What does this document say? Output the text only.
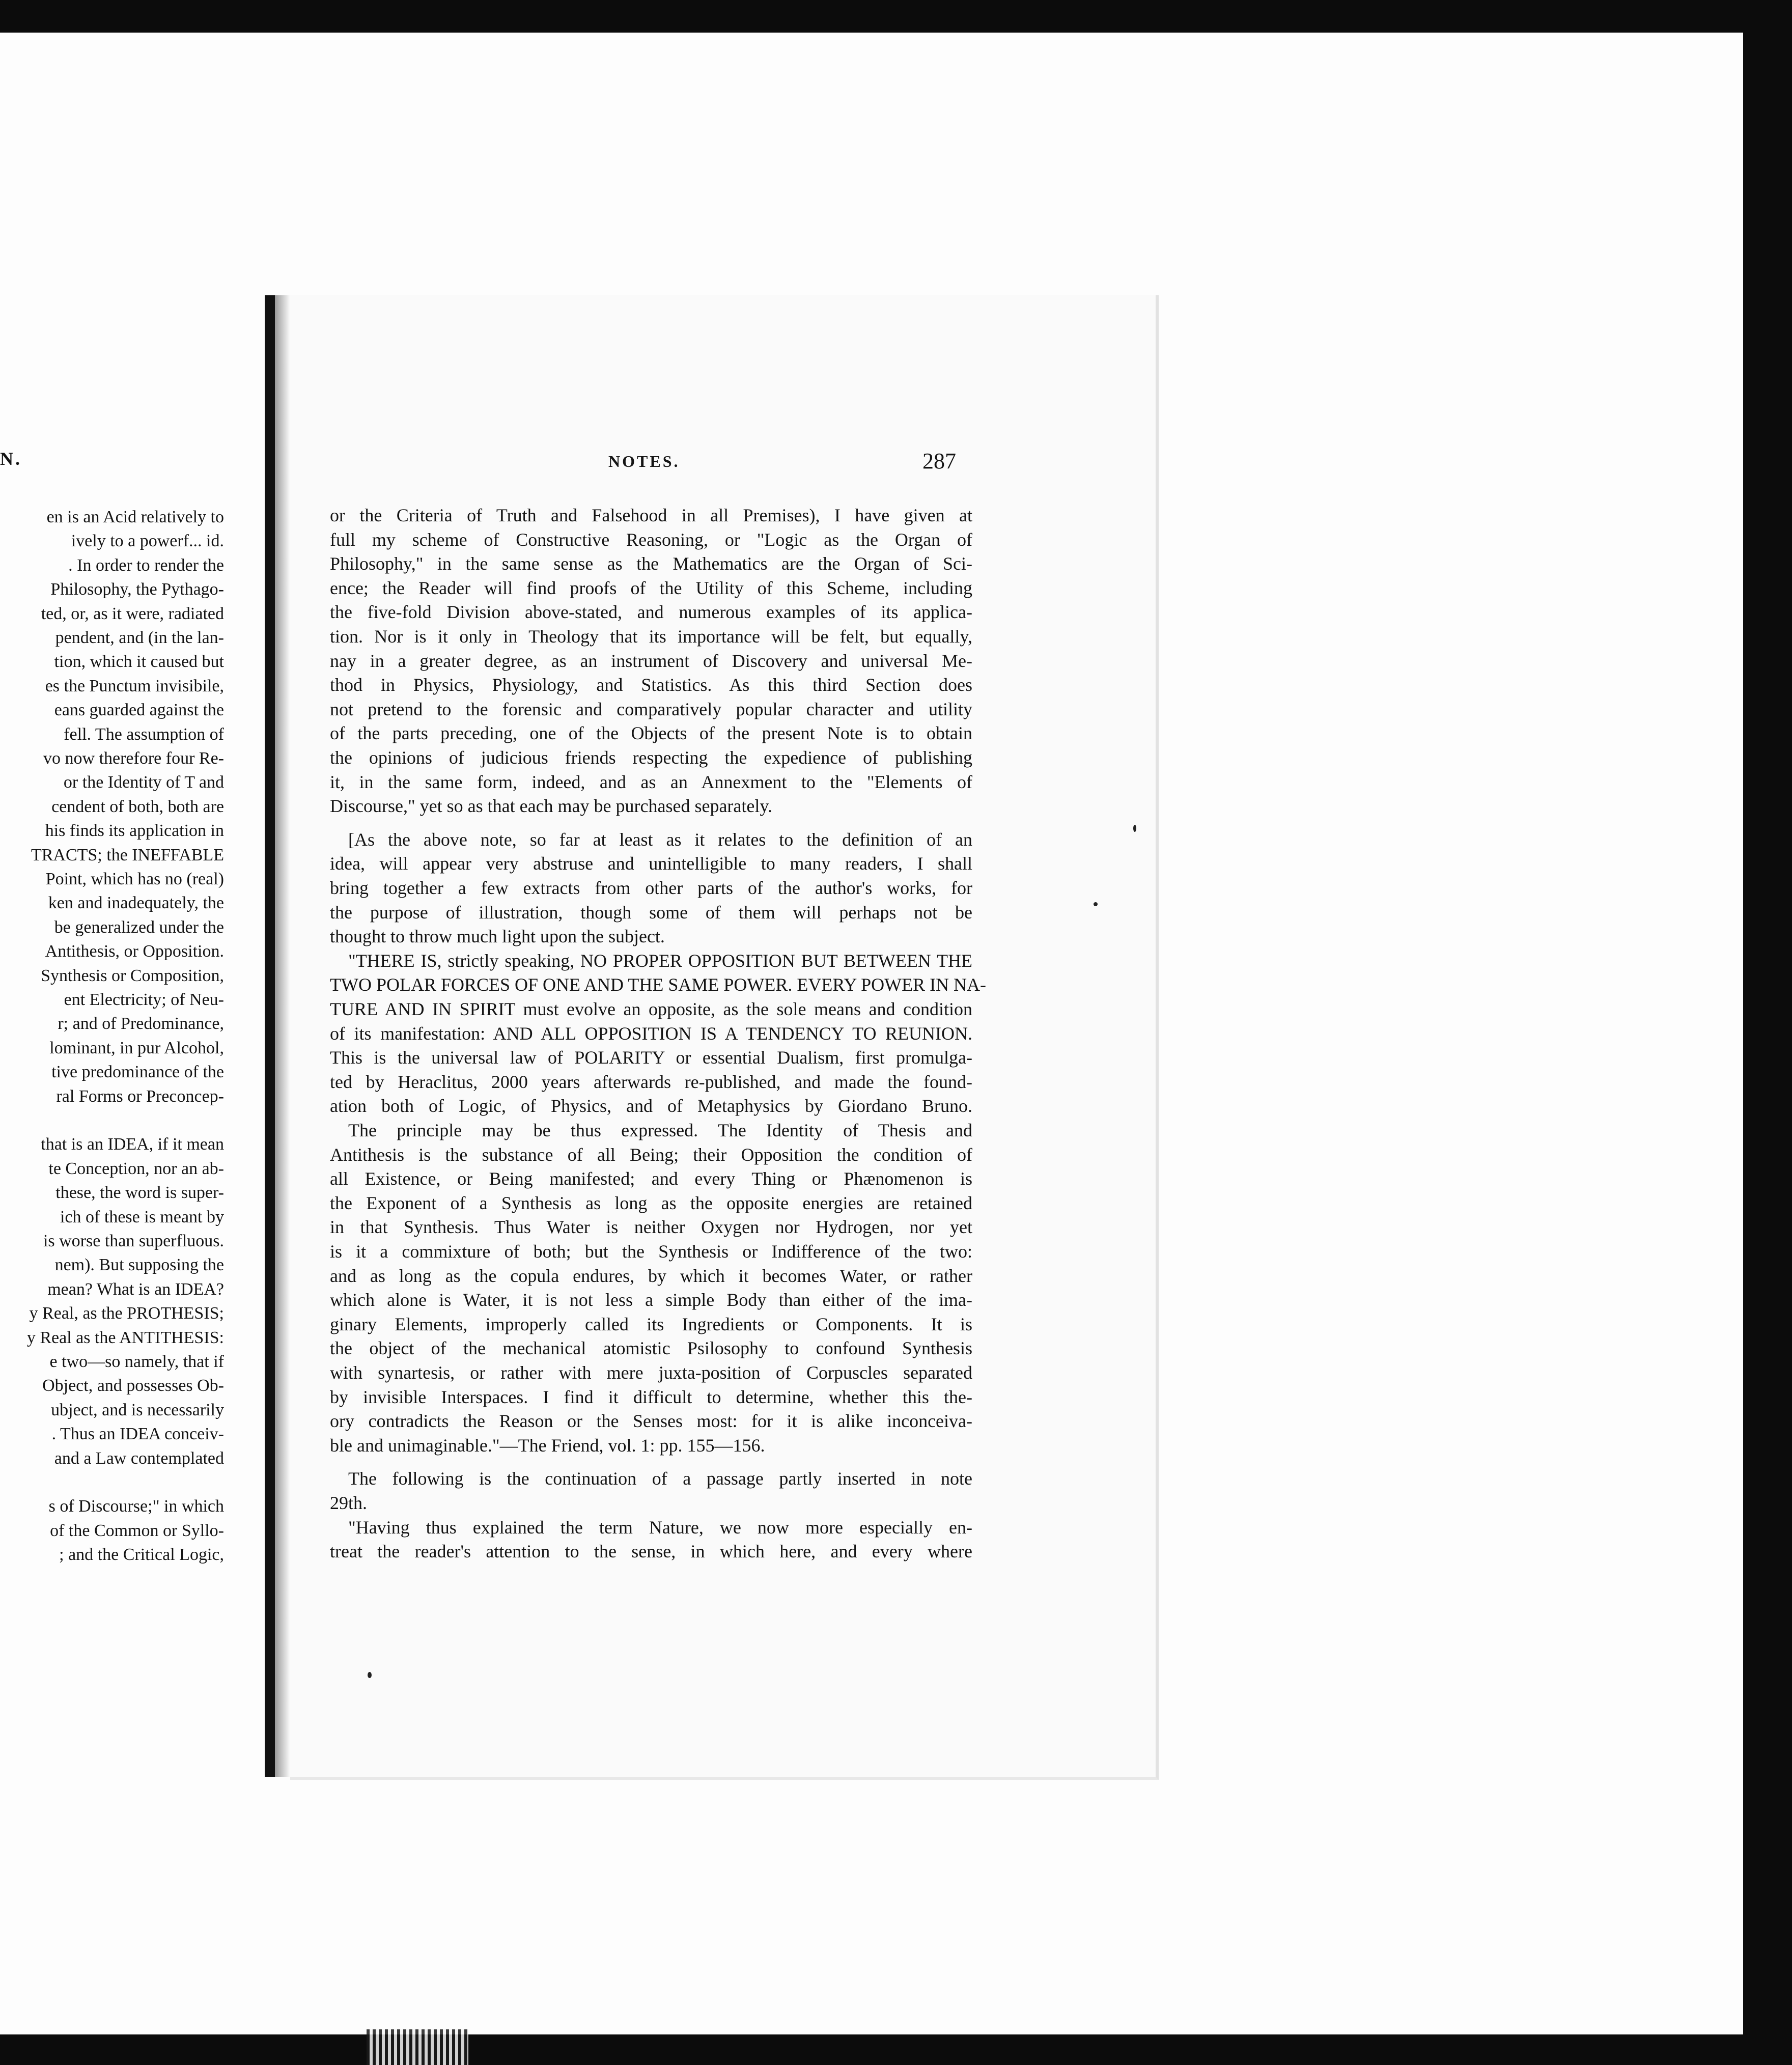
N.
en is an Acid relatively to
ively to a powerf... id.
. In order to render the
Philosophy, the Pythago-
ted, or, as it were, radiated
pendent, and (in the lan-
tion, which it caused but
es the Punctum invisibile,
eans guarded against the
fell. The assumption of
vo now therefore four Re-
or the Identity of T and
cendent of both, both are
his finds its application in
TRACTS; the INEFFABLE
Point, which has no (real)
ken and inadequately, the
be generalized under the
Antithesis, or Opposition.
Synthesis or Composition,
ent Electricity; of Neu-
r; and of Predominance,
lominant, in pur Alcohol,
tive predominance of the
ral Forms or Preconcep-
that is an IDEA, if it mean
te Conception, nor an ab-
these, the word is super-
ich of these is meant by
is worse than superfluous.
nem). But supposing the
mean? What is an IDEA?
y Real, as the PROTHESIS;
y Real as the ANTITHESIS:
e two—so namely, that if
Object, and possesses Ob-
ubject, and is necessarily
. Thus an IDEA conceiv-
and a Law contemplated
s of Discourse;" in which
of the Common or Syllo-
; and the Critical Logic,
NOTES.	287
or the Criteria of Truth and Falsehood in all Premises), I have given at
full my scheme of Constructive Reasoning, or "Logic as the Organ of
Philosophy," in the same sense as the Mathematics are the Organ of Sci-
ence; the Reader will find proofs of the Utility of this Scheme, including
the five-fold Division above-stated, and numerous examples of its applica-
tion. Nor is it only in Theology that its importance will be felt, but equally,
nay in a greater degree, as an instrument of Discovery and universal Me-
thod in Physics, Physiology, and Statistics. As this third Section does
not pretend to the forensic and comparatively popular character and utility
of the parts preceding, one of the Objects of the present Note is to obtain
the opinions of judicious friends respecting the expedience of publishing
it, in the same form, indeed, and as an Annexment to the "Elements of
Discourse," yet so as that each may be purchased separately.
[As the above note, so far at least as it relates to the definition of an
idea, will appear very abstruse and unintelligible to many readers, I shall
bring together a few extracts from other parts of the author's works, for
the purpose of illustration, though some of them will perhaps not be
thought to throw much light upon the subject.
"THERE IS, strictly speaking, NO PROPER OPPOSITION BUT BETWEEN THE
TWO POLAR FORCES OF ONE AND THE SAME POWER. EVERY POWER IN NA-
TURE AND IN SPIRIT must evolve an opposite, as the sole means and condition
of its manifestation: AND ALL OPPOSITION IS A TENDENCY TO REUNION.
This is the universal law of POLARITY or essential Dualism, first promulga-
ted by Heraclitus, 2000 years afterwards re-published, and made the found-
ation both of Logic, of Physics, and of Metaphysics by Giordano Bruno.
The principle may be thus expressed. The Identity of Thesis and
Antithesis is the substance of all Being; their Opposition the condition of
all Existence, or Being manifested; and every Thing or Phænomenon is
the Exponent of a Synthesis as long as the opposite energies are retained
in that Synthesis. Thus Water is neither Oxygen nor Hydrogen, nor yet
is it a commixture of both; but the Synthesis or Indifference of the two:
and as long as the copula endures, by which it becomes Water, or rather
which alone is Water, it is not less a simple Body than either of the ima-
ginary Elements, improperly called its Ingredients or Components. It is
the object of the mechanical atomistic Psilosophy to confound Synthesis
with synartesis, or rather with mere juxta-position of Corpuscles separated
by invisible Interspaces. I find it difficult to determine, whether this the-
ory contradicts the Reason or the Senses most: for it is alike inconceiva-
ble and unimaginable."—The Friend, vol. 1: pp. 155—156.
The following is the continuation of a passage partly inserted in note
29th.
"Having thus explained the term Nature, we now more especially en-
treat the reader's attention to the sense, in which here, and every where
